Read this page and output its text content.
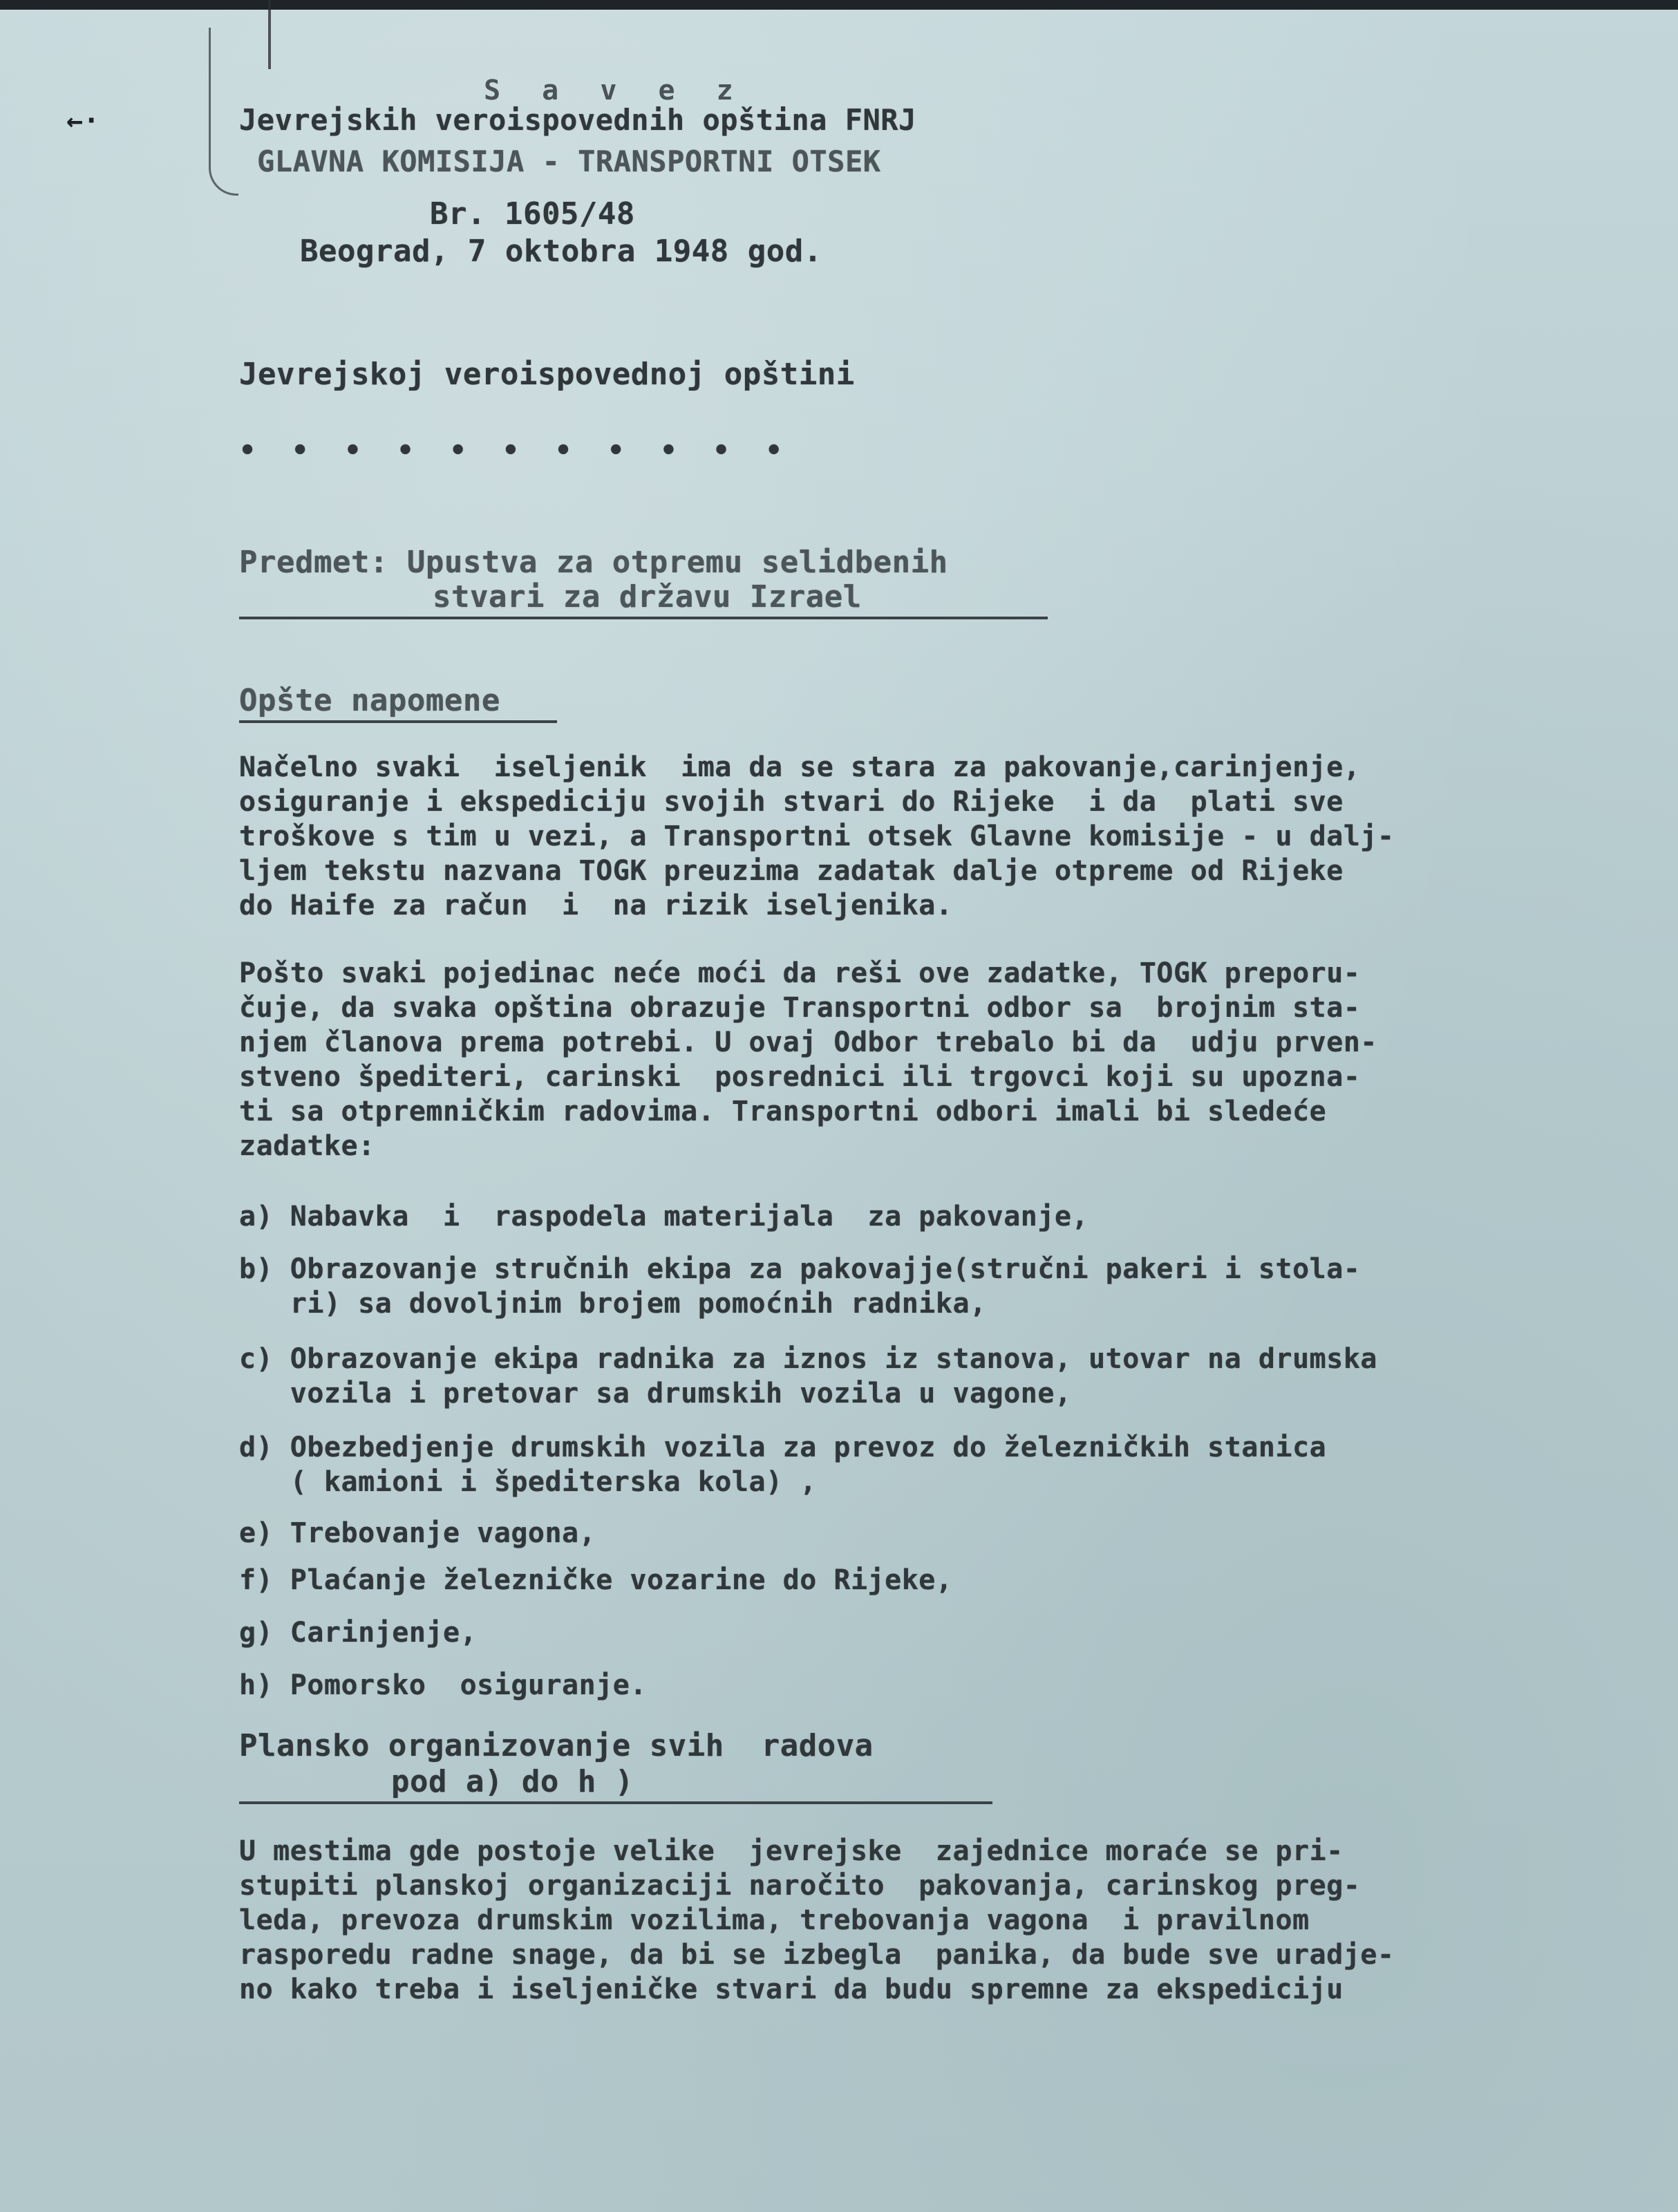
←·
S a v e z
Jevrejskih veroispovednih opština FNRJ
GLAVNA KOMISIJA - TRANSPORTNI OTSEK
Br. 1605/48
Beograd, 7 oktobra 1948 god.
Jevrejskoj veroispovednoj opštini
• • • • • • • • • • •
Predmet: Upustva za otpremu selidbenih
stvari za državu Izrael
Opšte napomene
Načelno svaki  iseljenik  ima da se stara za pakovanje,carinjenje,
osiguranje i ekspediciju svojih stvari do Rijeke  i da  plati sve
troškove s tim u vezi, a Transportni otsek Glavne komisije - u dalj-
ljem tekstu nazvana TOGK preuzima zadatak dalje otpreme od Rijeke
do Haife za račun  i  na rizik iseljenika.
Pošto svaki pojedinac neće moći da reši ove zadatke, TOGK preporu-
čuje, da svaka opština obrazuje Transportni odbor sa  brojnim sta-
njem članova prema potrebi. U ovaj Odbor trebalo bi da  udju prven-
stveno špediteri, carinski  posrednici ili trgovci koji su upozna-
ti sa otpremničkim radovima. Transportni odbori imali bi sledeće
zadatke:
a) Nabavka  i  raspodela materijala  za pakovanje,
b) Obrazovanje stručnih ekipa za pakovajje(stručni pakeri i stola-
ri) sa dovoljnim brojem pomoćnih radnika,
c) Obrazovanje ekipa radnika za iznos iz stanova, utovar na drumska
vozila i pretovar sa drumskih vozila u vagone,
d) Obezbedjenje drumskih vozila za prevoz do železničkih stanica
( kamioni i špediterska kola) ,
e) Trebovanje vagona,
f) Plaćanje železničke vozarine do Rijeke,
g) Carinjenje,
h) Pomorsko  osiguranje.
Plansko organizovanje svih  radova
pod a) do h )
U mestima gde postoje velike  jevrejske  zajednice moraće se pri-
stupiti planskoj organizaciji naročito  pakovanja, carinskog preg-
leda, prevoza drumskim vozilima, trebovanja vagona  i pravilnom
rasporedu radne snage, da bi se izbegla  panika, da bude sve uradje-
no kako treba i iseljeničke stvari da budu spremne za ekspediciju
